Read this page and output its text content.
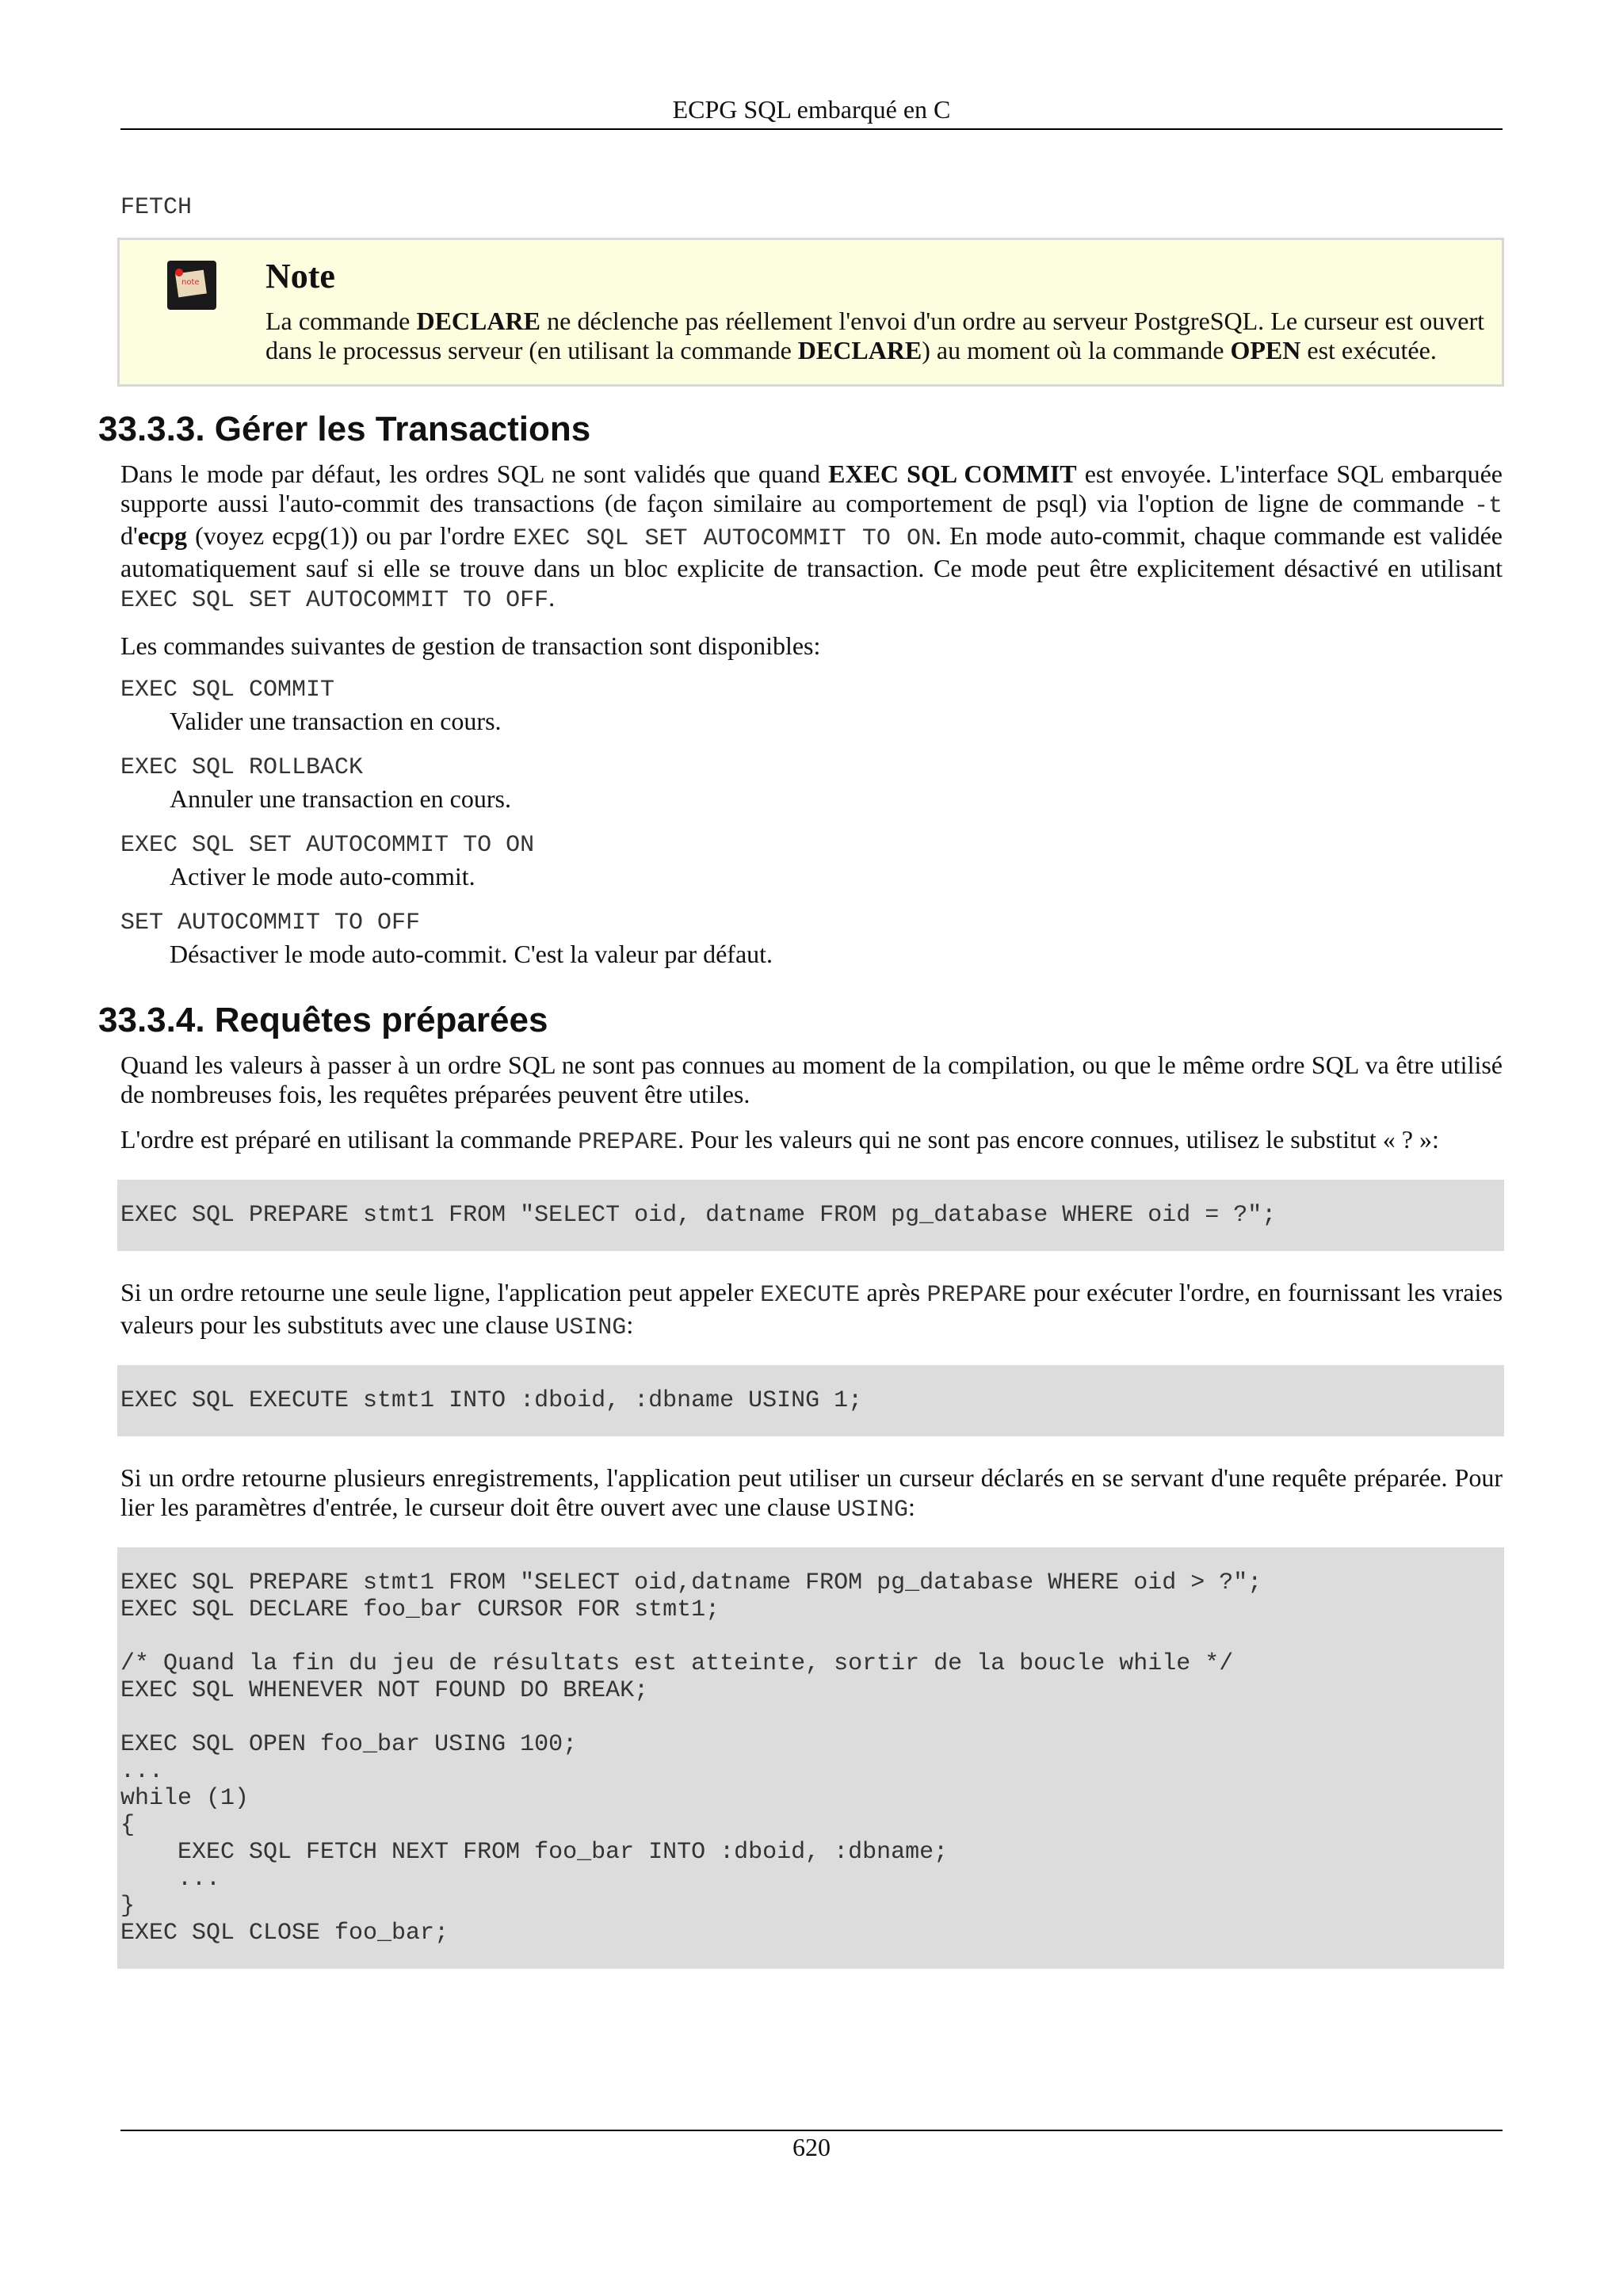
ECPG SQL embarqué en C
FETCH
note Note

La commande DECLARE ne déclenche pas réellement l'envoi d'un ordre au serveur PostgreSQL. Le curseur est ouvert dans le processus serveur (en utilisant la commande DECLARE) au moment où la commande OPEN est exécutée.

33.3.3. Gérer les Transactions

Dans le mode par défaut, les ordres SQL ne sont validés que quand EXEC SQL COMMIT est envoyée. L'interface SQL embarquée supporte aussi l'auto-commit des transactions (de façon similaire au comportement de psql) via l'option de ligne de commande -t d'ecpg (voyez ecpg(1)) ou par l'ordre EXEC SQL SET AUTOCOMMIT TO ON. En mode auto-commit, chaque commande est validée automatiquement sauf si elle se trouve dans un bloc explicite de transaction. Ce mode peut être explicitement désactivé en utilisant EXEC SQL SET AUTOCOMMIT TO OFF.

Les commandes suivantes de gestion de transaction sont disponibles:

EXEC SQL COMMIT
Valider une transaction en cours.
EXEC SQL ROLLBACK
Annuler une transaction en cours.
EXEC SQL SET AUTOCOMMIT TO ON
Activer le mode auto-commit.
SET AUTOCOMMIT TO OFF
Désactiver le mode auto-commit. C'est la valeur par défaut.
33.3.4. Requêtes préparées

Quand les valeurs à passer à un ordre SQL ne sont pas connues au moment de la compilation, ou que le même ordre SQL va être utilisé de nombreuses fois, les requêtes préparées peuvent être utiles.

L'ordre est préparé en utilisant la commande PREPARE. Pour les valeurs qui ne sont pas encore connues, utilisez le substitut « ? »:

EXEC SQL PREPARE stmt1 FROM "SELECT oid, datname FROM pg_database WHERE oid = ?";

Si un ordre retourne une seule ligne, l'application peut appeler EXECUTE après PREPARE pour exécuter l'ordre, en fournissant les vraies valeurs pour les substituts avec une clause USING:

EXEC SQL EXECUTE stmt1 INTO :dboid, :dbname USING 1;

Si un ordre retourne plusieurs enregistrements, l'application peut utiliser un curseur déclarés en se servant d'une requête préparée. Pour lier les paramètres d'entrée, le curseur doit être ouvert avec une clause USING:

EXEC SQL PREPARE stmt1 FROM "SELECT oid,datname FROM pg_database WHERE oid > ?";
EXEC SQL DECLARE foo_bar CURSOR FOR stmt1;

/* Quand la fin du jeu de résultats est atteinte, sortir de la boucle while */
EXEC SQL WHENEVER NOT FOUND DO BREAK;

EXEC SQL OPEN foo_bar USING 100;
...
while (1)
{
EXEC SQL FETCH NEXT FROM foo_bar INTO :dboid, :dbname;
...
}
EXEC SQL CLOSE foo_bar;
620
